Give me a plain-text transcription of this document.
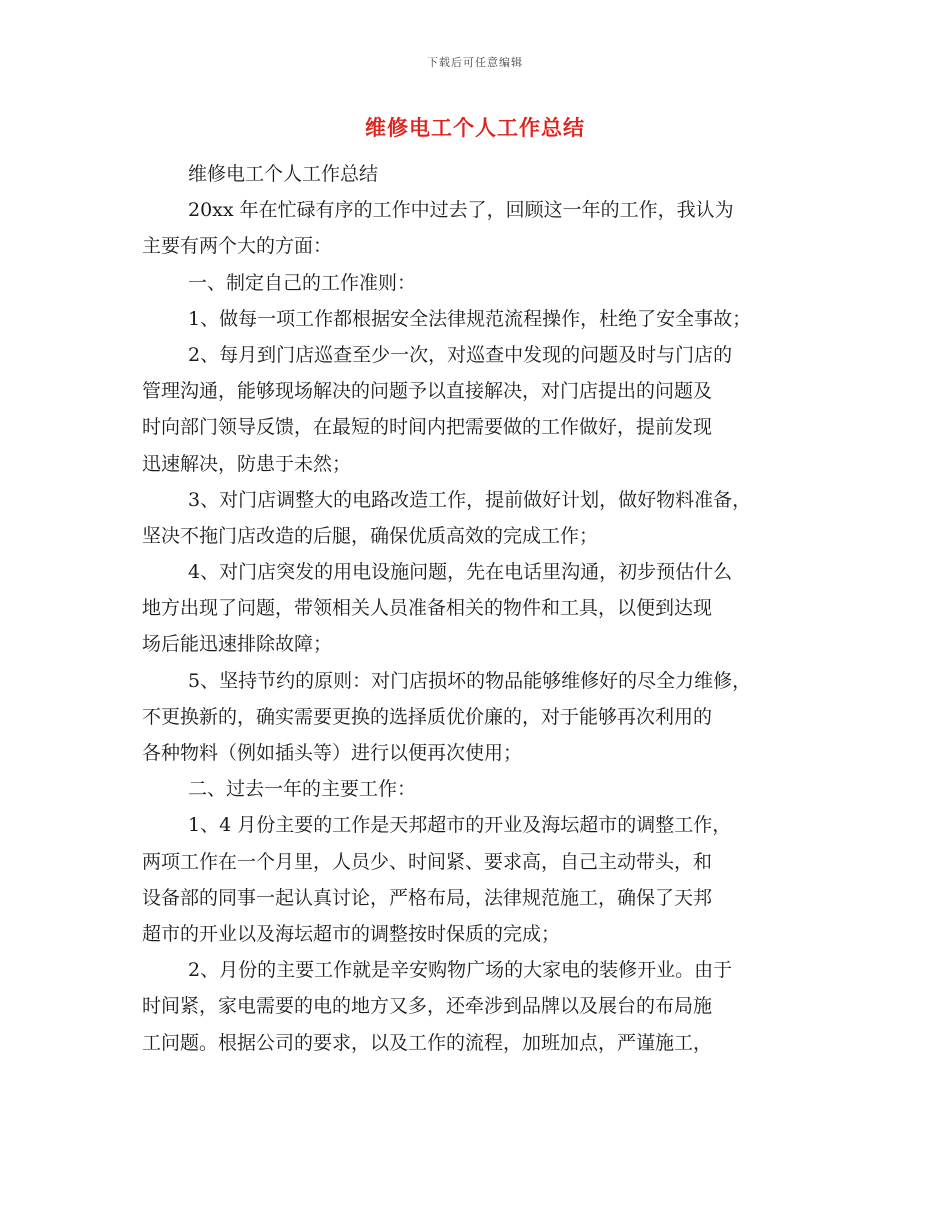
下载后可任意编辑
维修电工个人工作总结
维修电工个人工作总结
20xx 年在忙碌有序的工作中过去了，回顾这一年的工作，我认为
主要有两个大的方面：
一、制定自己的工作准则：
1、做每一项工作都根据安全法律规范流程操作，杜绝了安全事故；
2、每月到门店巡查至少一次，对巡查中发现的问题及时与门店的
管理沟通，能够现场解决的问题予以直接解决，对门店提出的问题及
时向部门领导反馈，在最短的时间内把需要做的工作做好，提前发现
迅速解决，防患于未然；
3、对门店调整大的电路改造工作，提前做好计划，做好物料准备，
坚决不拖门店改造的后腿，确保优质高效的完成工作；
4、对门店突发的用电设施问题，先在电话里沟通，初步预估什么
地方出现了问题，带领相关人员准备相关的物件和工具，以便到达现
场后能迅速排除故障；
5、坚持节约的原则：对门店损坏的物品能够维修好的尽全力维修，
不更换新的，确实需要更换的选择质优价廉的，对于能够再次利用的
各种物料（例如插头等）进行以便再次使用；
二、过去一年的主要工作：
1、4 月份主要的工作是天邦超市的开业及海坛超市的调整工作，
两项工作在一个月里，人员少、时间紧、要求高，自己主动带头，和
设备部的同事一起认真讨论，严格布局，法律规范施工，确保了天邦
超市的开业以及海坛超市的调整按时保质的完成；
2、月份的主要工作就是辛安购物广场的大家电的装修开业。由于
时间紧，家电需要的电的地方又多，还牵涉到品牌以及展台的布局施
工问题。根据公司的要求，以及工作的流程，加班加点，严谨施工，
